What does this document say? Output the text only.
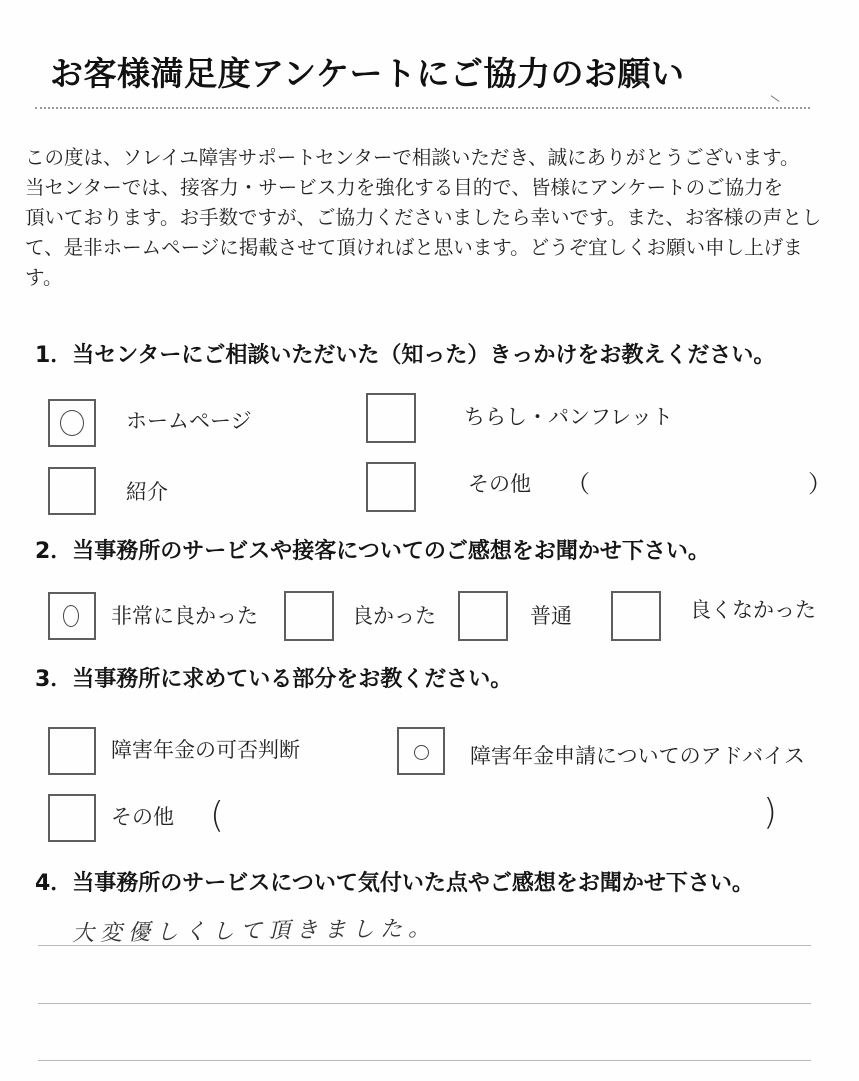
お客様満足度アンケートにご協力のお願い
この度は、ソレイユ障害サポートセンターで相談いただき、誠にありがとうございます。
当センターでは、接客力・サービス力を強化する目的で、皆様にアンケートのご協力を
頂いております。お手数ですが、ご協力くださいましたら幸いです。また、お客様の声とし
て、是非ホームページに掲載させて頂ければと思います。どうぞ宜しくお願い申し上げま
す。
1．当センターにご相談いただいた（知った）きっかけをお教えください。
ホームページ	ちらし・パンフレット
紹介	その他 （	）
2．当事務所のサービスや接客についてのご感想をお聞かせ下さい。
非常に良かった	良かった	普通	良くなかった
3．当事務所に求めている部分をお教ください。
障害年金の可否判断	障害年金申請についてのアドバイス
その他 (	)
4．当事務所のサービスについて気付いた点やご感想をお聞かせ下さい。
大変優しくして頂きました。
